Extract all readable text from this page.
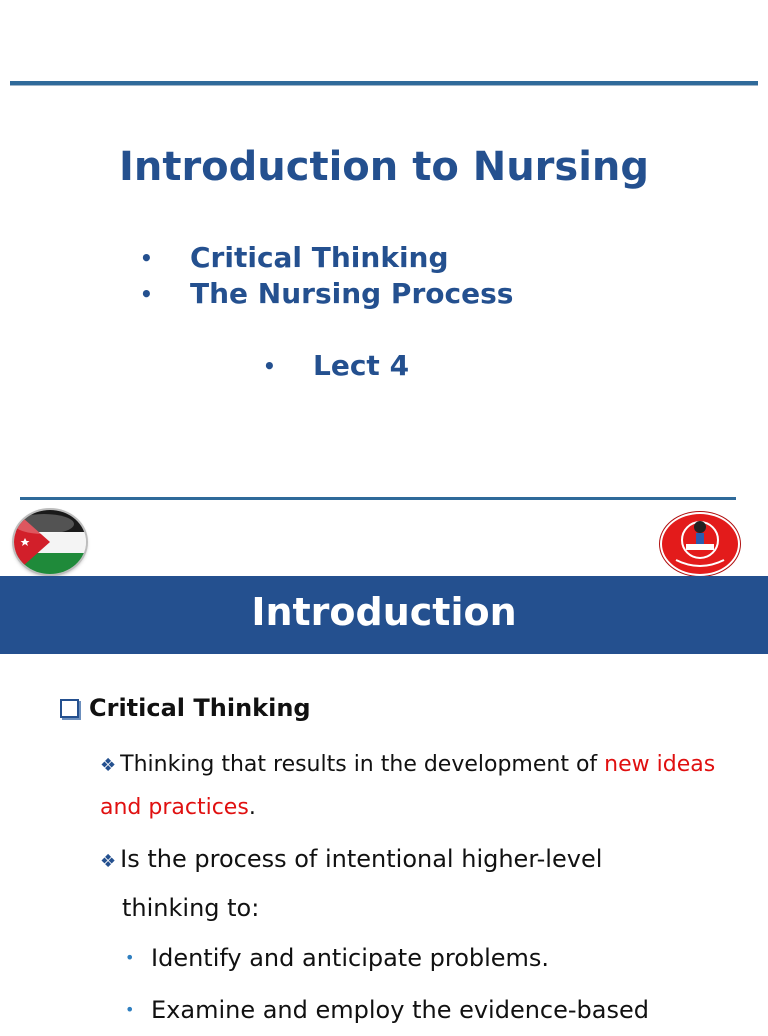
Introduction to Nursing
•	Critical Thinking
•	The Nursing Process
•	Lect 4
Introduction
Critical Thinking

❖ Thinking that results in the development of new ideas and practices.

❖ Is the process of intentional higher-level
thinking to:

• Identify and anticipate problems.
• Examine and employ the evidence-based
